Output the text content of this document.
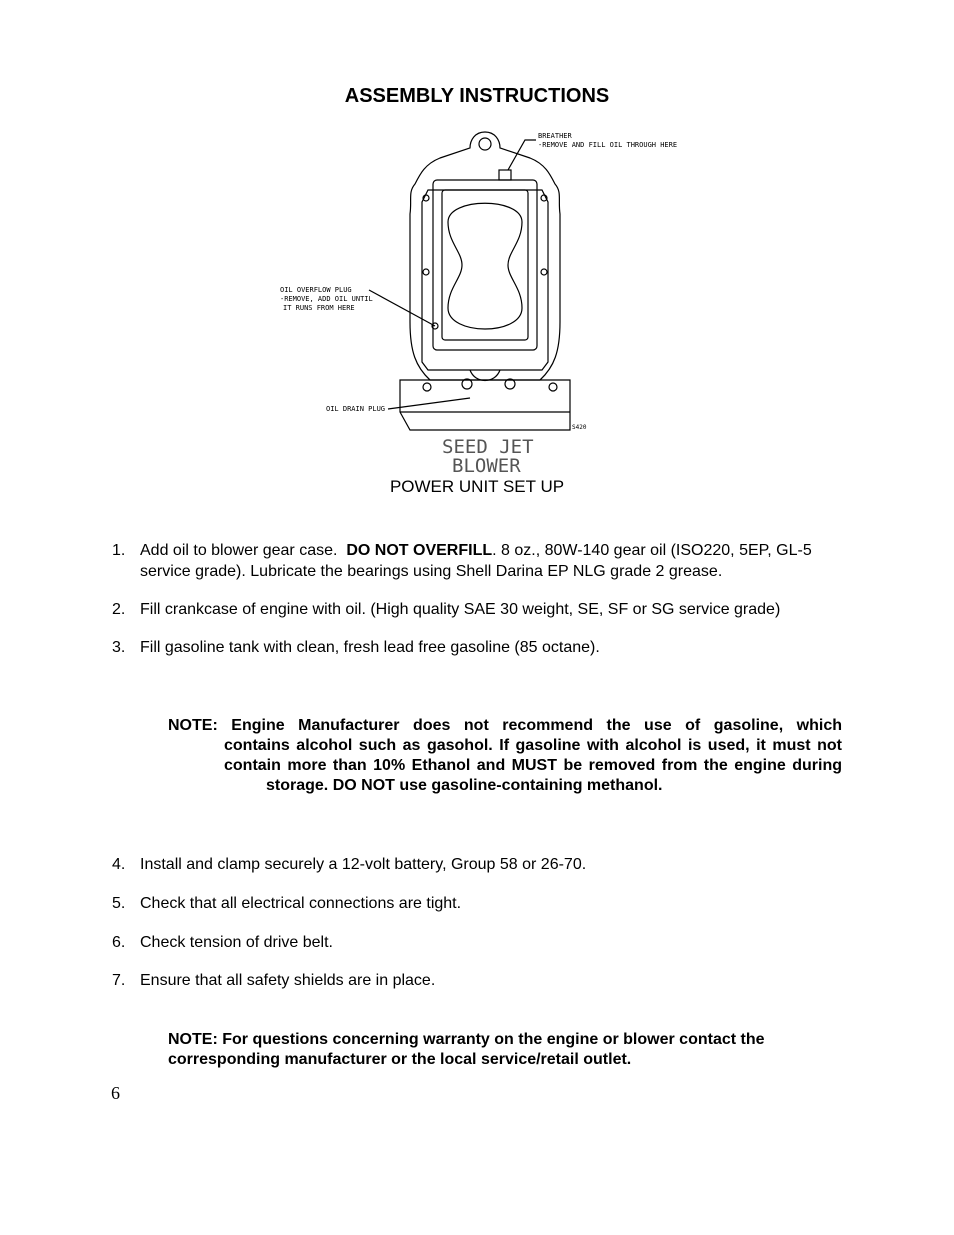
ASSEMBLY INSTRUCTIONS
BREATHER
-REMOVE AND FILL OIL THROUGH HERE
OIL OVERFLOW PLUG
-REMOVE, ADD OIL UNTIL
IT RUNS FROM HERE
OIL DRAIN PLUG
S420
SEED JET
BLOWER
POWER UNIT SET UP
1. Add oil to blower gear case.  DO NOT OVERFILL. 8 oz., 80W-140 gear oil (ISO220, 5EP, GL-5
service grade). Lubricate the bearings using Shell Darina EP NLG grade 2 grease.
2. Fill crankcase of engine with oil. (High quality SAE 30 weight, SE, SF or SG service grade)
3. Fill gasoline tank with clean, fresh lead free gasoline (85 octane).
NOTE: Engine Manufacturer does not recommend the use of gasoline, which
contains alcohol such as gasohol. If gasoline with alcohol is used, it must not
contain more than 10% Ethanol and MUST be removed from the engine during
storage. DO NOT use gasoline-containing methanol.
4. Install and clamp securely a 12-volt battery, Group 58 or 26-70.
5. Check that all electrical connections are tight.
6. Check tension of drive belt.
7. Ensure that all safety shields are in place.
NOTE: For questions concerning warranty on the engine or blower contact the
corresponding manufacturer or the local service/retail outlet.
6
